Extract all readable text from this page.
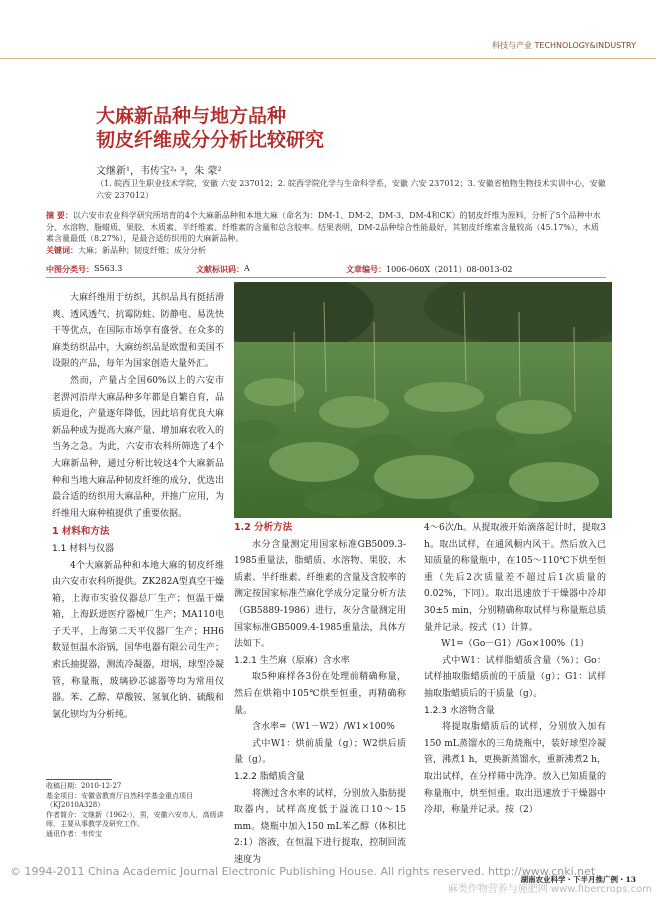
科技与产业 TECHNOLOGY&INDUSTRY
大麻新品种与地方品种
韧皮纤维成分分析比较研究
文继新¹，韦传宝²˒ ³，朱 蒙²
（1. 皖西卫生职业技术学院，安徽 六安 237012；2. 皖西学院化学与生命科学系，安徽 六安 237012；3. 安徽省植物生物技术实训中心，安徽 六安 237012）
摘 要：以六安市农业科学研究所培育的4个大麻新品种和本地大麻（命名为：DM-1、DM-2、DM-3、DM-4和CK）的韧皮纤维为原料，分析了5个品种中水分、水溶物、脂蜡质、果胶、木质素、半纤维素、纤维素的含量和总含胶率。结果表明，DM-2品种综合性能最好，其韧皮纤维素含量较高（45.17%），木质素含量最低（8.27%），是最合适纺织用的大麻新品种。
关键词：大麻；新品种；韧皮纤维；成分分析
中图分类号： S563.3	文献标识码： A	文章编号： 1006-060X（2011）08-0013-02

大麻纤维用于纺织，其织品具有挺括滑爽、透风透气、抗霉防蛀、防静电、易洗快干等优点，在国际市场享有盛誉。在众多的麻类纺织品中，大麻纺织品是欧盟和美国不设限的产品，每年为国家创造大量外汇。

然而，产量占全国60%以上的六安市老淠河沿岸大麻品种多年都是自繁自育，品质退化，产量逐年降低，因此培育优良大麻新品种成为提高大麻产量、增加麻农收入的当务之急。为此，六安市农科所筛选了4个大麻新品种，通过分析比较这4个大麻新品种和当地大麻品种韧皮纤维的成分，优选出最合适的纺织用大麻品种，并推广应用，为纤维用大麻种植提供了重要依据。

1 材料和方法
1.1 材料与仪器

4个大麻新品种和本地大麻的韧皮纤维由六安市农科所提供。ZK282A型真空干燥箱，上海市实验仪器总厂生产；恒温干燥箱，上海跃进医疗器械厂生产；MA110电子天平，上海第二天平仪器厂生产；HH6数显恒温水浴锅，国华电器有限公司生产；索氏抽提器，测流冷凝器，坩埚，球型冷凝管，称量瓶，玻璃砂芯滤器等均为常用仪器。苯、乙醇、草酸铵、氢氧化钠、硫酸和氯化钡均为分析纯。

收稿日期：2010-12-27
基金项目：安徽省教育厅自然科学基金重点项目（KJ2010A328）
作者简介：文继新（1962-），男，安徽六安市人，高级讲师，主要从事教学及研究工作。
通讯作者：韦传宝
1.2 分析方法

水分含量测定用国家标准GB5009.3-1985重量法，脂蜡质、水溶物、果胶、木质素、半纤维素、纤维素的含量及含胶率的测定按国家标准苎麻化学成分定量分析方法（GB5889-1986）进行，灰分含量测定用国家标准GB5009.4-1985重量法，具体方法如下。

1.2.1 生苎麻（原麻）含水率

取5种麻样各3份在处理前精确称量，然后在烘箱中105℃烘至恒重，再精确称量。

含水率=（W1－W2）/W1×100%

式中W1：烘前质量（g）；W2烘后质量（g）。

1.2.2 脂蜡质含量

将测过含水率的试样，分别放入脂肪提取器内，试样高度低于溢流口10～15 mm。烧瓶中加入150 mL苯乙醇（体积比2:1）溶液，在恒温下进行提取，控制回流速度为

4～6次/h。从提取液开始滴落起计时，提取3 h。取出试样，在通风橱内风干。然后放入已知质量的称量瓶中，在105～110℃下烘至恒重（先后2次质量差不超过后1次质量的0.02%，下同）。取出迅速放于干燥器中冷却30±5 min，分别精确称取试样与称量瓶总质量并记录。按式（1）计算。

W1=（Go－G1）/Go×100%（1）

式中W1：试样脂蜡质含量（%）；Go：试样抽取脂蜡质前的干质量（g）；G1：试样抽取脂蜡质后的干质量（g）。

1.2.3 水溶物含量

将提取脂蜡质后的试样，分别放入加有150 mL蒸馏水的三角烧瓶中，装好球型冷凝管，沸煮1 h，更换新蒸馏水，重新沸煮2 h，取出试样，在分样筛中洗净。放入已知质量的称量瓶中，烘至恒重。取出迅速放于干燥器中冷却，称量并记录。按（2）

湖南农业科学・下半月推广例・13
© 1994-2011 China Academic Journal Electronic Publishing House. All rights reserved. http://www.cnki.net
麻类作物营养与施肥网 www.fibercrops.com
